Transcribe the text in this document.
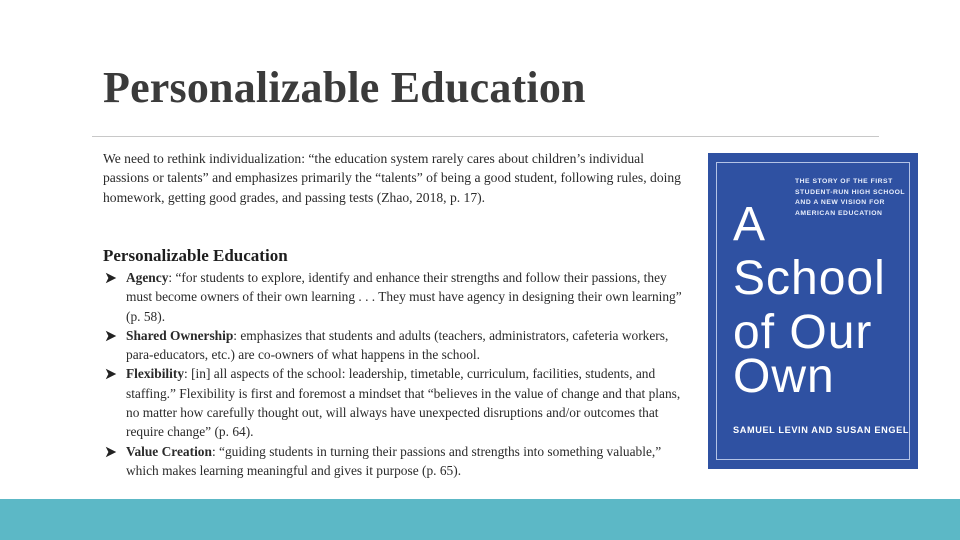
Personalizable Education

We need to rethink individualization: “the education system rarely cares about children’s individual passions or talents” and emphasizes primarily the “talents” of being a good student, following rules, doing homework, getting good grades, and passing tests (Zhao, 2018, p. 17).

Personalizable Education
Agency: “for students to explore, identify and enhance their strengths and follow their passions, they must become owners of their own learning . . . They must have agency in designing their own learning” (p. 58).
Shared Ownership: emphasizes that students and adults (teachers, administrators, cafeteria workers, para-educators, etc.) are co-owners of what happens in the school.
Flexibility: [in] all aspects of the school: leadership, timetable, curriculum, facilities, students, and staffing.” Flexibility is first and foremost a mindset that “believes in the value of change and that plans, no matter how carefully thought out, will always have unexpected disruptions and/or outcomes that require change” (p. 64).
Value Creation: “guiding students in turning their passions and strengths into something valuable,” which makes learning meaningful and gives it purpose (p. 65).

THE STORY OF THE FIRST STUDENT-RUN HIGH SCHOOL AND A NEW VISION FOR AMERICAN EDUCATION

A

School

of Our

Own

SAMUEL LEVIN AND SUSAN ENGEL
